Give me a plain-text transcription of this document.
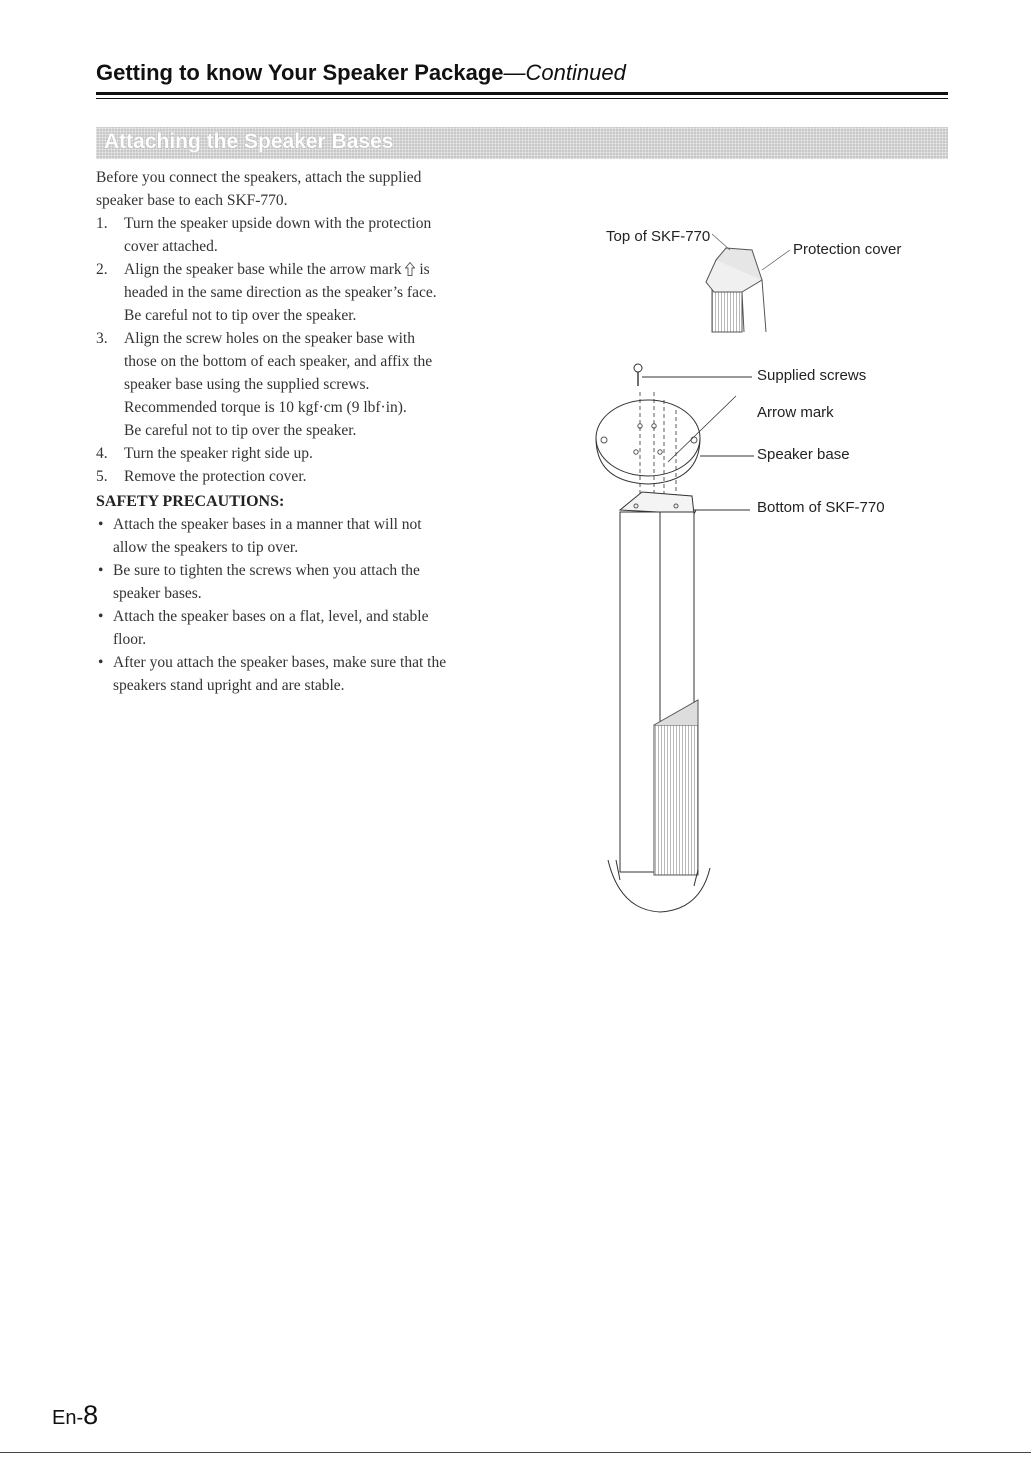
Getting to know Your Speaker Package—Continued
Attaching the Speaker Bases

Before you connect the speakers, attach the supplied
speaker base to each SKF-770.

1. Turn the speaker upside down with the protection
cover attached.
2. Align the speaker base while the arrow mark is
headed in the same direction as the speaker’s face.
Be careful not to tip over the speaker.
3. Align the screw holes on the speaker base with
those on the bottom of each speaker, and affix the
speaker base using the supplied screws.
Recommended torque is 10 kgf·cm (9 lbf·in).
Be careful not to tip over the speaker.
4. Turn the speaker right side up.
5. Remove the protection cover.
SAFETY PRECAUTIONS:
• Attach the speaker bases in a manner that will not
allow the speakers to tip over.
• Be sure to tighten the screws when you attach the
speaker bases.
• Attach the speaker bases on a flat, level, and stable
floor.
• After you attach the speaker bases, make sure that the
speakers stand upright and are stable.

Top of SKF-770

Protection cover

Supplied screws

Arrow mark

Speaker base

Bottom of SKF-770

En-8
